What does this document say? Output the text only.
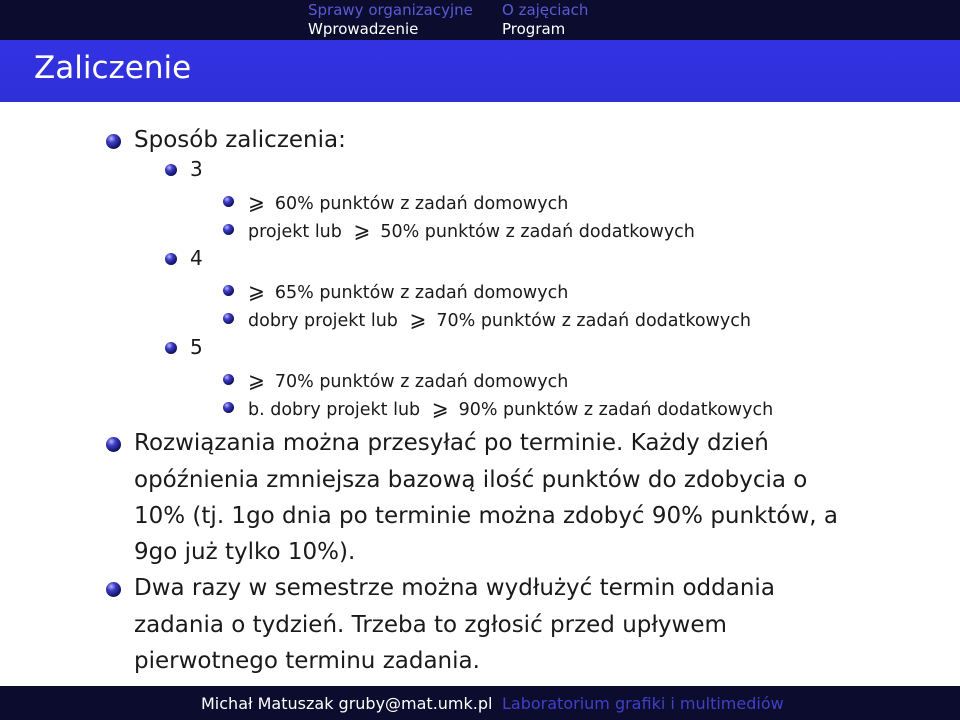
Sprawy organizacyjne
Wprowadzenie
O zajęciach
Program
Zaliczenie
Sposób zaliczenia:
3
⩾ 60% punktów z zadań domowych
projekt lub ⩾ 50% punktów z zadań dodatkowych
4
⩾ 65% punktów z zadań domowych
dobry projekt lub ⩾ 70% punktów z zadań dodatkowych
5
⩾ 70% punktów z zadań domowych
b. dobry projekt lub ⩾ 90% punktów z zadań dodatkowych
Rozwiązania można przesyłać po terminie. Każdy dzień
opóźnienia zmniejsza bazową ilość punktów do zdobycia o
10% (tj. 1go dnia po terminie można zdobyć 90% punktów, a
9go już tylko 10%).
Dwa razy w semestrze można wydłużyć termin oddania
zadania o tydzień. Trzeba to zgłosić przed upływem
pierwotnego terminu zadania.
Michał Matuszak gruby@mat.umk.pl Laboratorium grafiki i multimediów
